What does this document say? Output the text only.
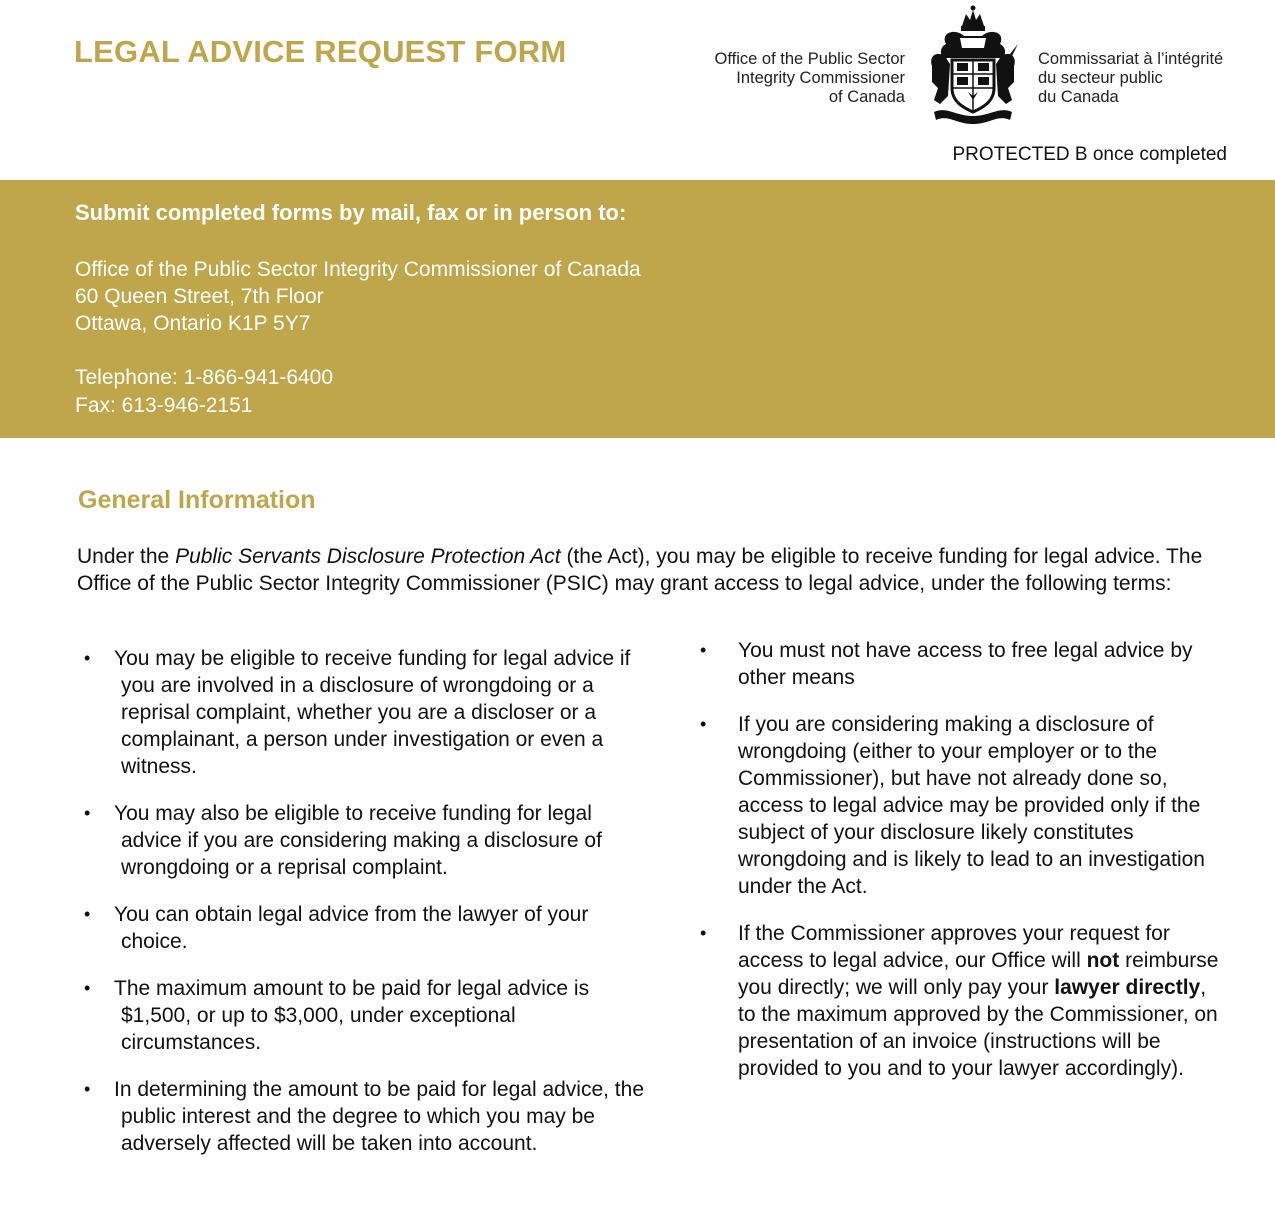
LEGAL ADVICE REQUEST FORM	Office of the Public Sector
Integrity Commissioner
of Canada
Commissariat à l’intégrité
du secteur public
du Canada
PROTECTED B once completed
Submit completed forms by mail, fax or in person to:
Office of the Public Sector Integrity Commissioner of Canada
60 Queen Street, 7th Floor
Ottawa, Ontario K1P 5Y7
Telephone: 1-866-941-6400
Fax: 613-946-2151
General Information

Under the Public Servants Disclosure Protection Act (the Act), you may be eligible to receive funding for legal advice. The Office of the Public Sector Integrity Commissioner (PSIC) may grant access to legal advice, under the following terms:

• You may be eligible to receive funding for legal advice if you are involved in a disclosure of wrongdoing or a reprisal complaint, whether you are a discloser or a complainant, a person under investigation or even a witness.
• You may also be eligible to receive funding for legal advice if you are considering making a disclosure of wrongdoing or a reprisal complaint.
• You can obtain legal advice from the lawyer of your choice.
• The maximum amount to be paid for legal advice is $1,500, or up to $3,000, under exceptional circumstances.
• In determining the amount to be paid for legal advice, the public interest and the degree to which you may be adversely affected will be taken into account.
• You must not have access to free legal advice by other means
• If you are considering making a disclosure of wrongdoing (either to your employer or to the Commissioner), but have not already done so, access to legal advice may be provided only if the subject of your disclosure likely constitutes wrongdoing and is likely to lead to an investigation under the Act.
• If the Commissioner approves your request for access to legal advice, our Office will not reimburse you directly; we will only pay your lawyer directly, to the maximum approved by the Commissioner, on presentation of an invoice (instructions will be provided to you and to your lawyer accordingly).
